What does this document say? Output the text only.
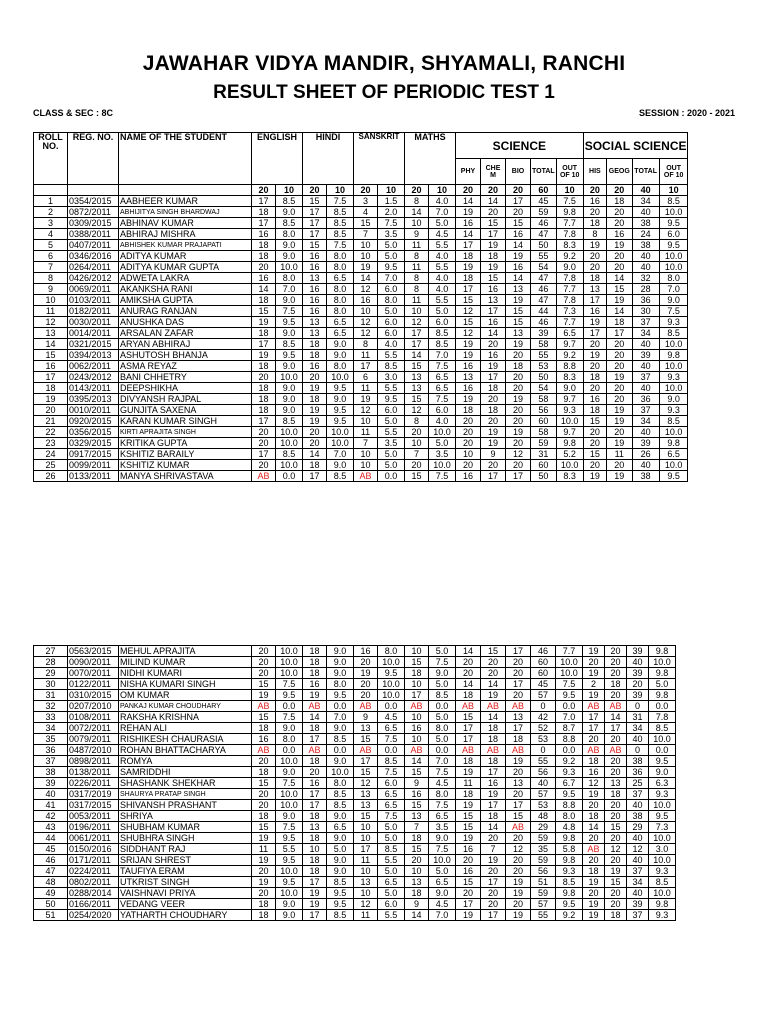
JAWAHAR VIDYA MANDIR, SHYAMALI, RANCHI
RESULT SHEET OF PERIODIC TEST 1
CLASS & SEC : 8C	SESSION : 2020 - 2021
ROLL NO.	REG. NO.	NAME OF THE STUDENT	ENGLISH		HINDI		SANSKRIT		MATHS		SCIENCE					SOCIAL SCIENCE			
											PHY	CHE M	BIO	TOTAL	OUT OF 10	HIS	GEOG	TOTAL	OUT OF 10
			20	10	20	10	20	10	20	10	20	20	20	60	10	20	20	40	10
1	0354/2015	AABHEER KUMAR	17	8.5	15	7.5	3	1.5	8	4.0	14	14	17	45	7.5	16	18	34	8.5
2	0872/2011	ABHIJITYA SINGH BHARDWAJ	18	9.0	17	8.5	4	2.0	14	7.0	19	20	20	59	9.8	20	20	40	10.0
3	0309/2015	ABHINAV KUMAR	17	8.5	17	8.5	15	7.5	10	5.0	16	15	15	46	7.7	18	20	38	9.5
4	0388/2011	ABHIRAJ MISHRA	16	8.0	17	8.5	7	3.5	9	4.5	14	17	16	47	7.8	8	16	24	6.0
5	0407/2011	ABHISHEK KUMAR PRAJAPATI	18	9.0	15	7.5	10	5.0	11	5.5	17	19	14	50	8.3	19	19	38	9.5
6	0346/2016	ADITYA KUMAR	18	9.0	16	8.0	10	5.0	8	4.0	18	18	19	55	9.2	20	20	40	10.0
7	0264/2011	ADITYA KUMAR GUPTA	20	10.0	16	8.0	19	9.5	11	5.5	19	19	16	54	9.0	20	20	40	10.0
8	0426/2012	ADWETA LAKRA	16	8.0	13	6.5	14	7.0	8	4.0	18	15	14	47	7.8	18	14	32	8.0
9	0069/2011	AKANKSHA RANI	14	7.0	16	8.0	12	6.0	8	4.0	17	16	13	46	7.7	13	15	28	7.0
10	0103/2011	AMIKSHA GUPTA	18	9.0	16	8.0	16	8.0	11	5.5	15	13	19	47	7.8	17	19	36	9.0
11	0182/2011	ANURAG RANJAN	15	7.5	16	8.0	10	5.0	10	5.0	12	17	15	44	7.3	16	14	30	7.5
12	0030/2011	ANUSHKA DAS	19	9.5	13	6.5	12	6.0	12	6.0	15	16	15	46	7.7	19	18	37	9.3
13	0014/2011	ARSALAN ZAFAR	18	9.0	13	6.5	12	6.0	17	8.5	12	14	13	39	6.5	17	17	34	8.5
14	0321/2015	ARYAN ABHIRAJ	17	8.5	18	9.0	8	4.0	17	8.5	19	20	19	58	9.7	20	20	40	10.0
15	0394/2013	ASHUTOSH BHANJA	19	9.5	18	9.0	11	5.5	14	7.0	19	16	20	55	9.2	19	20	39	9.8
16	0062/2011	ASMA REYAZ	18	9.0	16	8.0	17	8.5	15	7.5	16	19	18	53	8.8	20	20	40	10.0
17	0243/2012	BANI CHHETRY	20	10.0	20	10.0	6	3.0	13	6.5	13	17	20	50	8.3	18	19	37	9.3
18	0143/2011	DEEPSHIKHA	18	9.0	19	9.5	11	5.5	13	6.5	16	18	20	54	9.0	20	20	40	10.0
19	0395/2013	DIVYANSH RAJPAL	18	9.0	18	9.0	19	9.5	15	7.5	19	20	19	58	9.7	16	20	36	9.0
20	0010/2011	GUNJITA SAXENA	18	9.0	19	9.5	12	6.0	12	6.0	18	18	20	56	9.3	18	19	37	9.3
21	0920/2015	KARAN KUMAR SINGH	17	8.5	19	9.5	10	5.0	8	4.0	20	20	20	60	10.0	15	19	34	8.5
22	0356/2015	KIRTI APRAJITA SINGH	20	10.0	20	10.0	11	5.5	20	10.0	20	19	19	58	9.7	20	20	40	10.0
23	0329/2015	KRITIKA GUPTA	20	10.0	20	10.0	7	3.5	10	5.0	20	19	20	59	9.8	20	19	39	9.8
24	0917/2015	KSHITIZ BARAILY	17	8.5	14	7.0	10	5.0	7	3.5	10	9	12	31	5.2	15	11	26	6.5
25	0099/2011	KSHITIZ KUMAR	20	10.0	18	9.0	10	5.0	20	10.0	20	20	20	60	10.0	20	20	40	10.0
26	0133/2011	MANYA SHRIVASTAVA	AB	0.0	17	8.5	AB	0.0	15	7.5	16	17	17	50	8.3	19	19	38	9.5
27	0563/2015	MEHUL APRAJITA	20	10.0	18	9.0	16	8.0	10	5.0	14	15	17	46	7.7	19	20	39	9.8
28	0090/2011	MILIND KUMAR	20	10.0	18	9.0	20	10.0	15	7.5	20	20	20	60	10.0	20	20	40	10.0
29	0070/2011	NIDHI KUMARI	20	10.0	18	9.0	19	9.5	18	9.0	20	20	20	60	10.0	19	20	39	9.8
30	0122/2011	NISHA KUMARI SINGH	15	7.5	16	8.0	20	10.0	10	5.0	14	14	17	45	7.5	2	18	20	5.0
31	0310/2015	OM KUMAR	19	9.5	19	9.5	20	10.0	17	8.5	18	19	20	57	9.5	19	20	39	9.8
32	0207/2010	PANKAJ KUMAR CHOUDHARY	AB	0.0	AB	0.0	AB	0.0	AB	0.0	AB	AB	AB	0	0.0	AB	AB	0	0.0
33	0108/2011	RAKSHA KRISHNA	15	7.5	14	7.0	9	4.5	10	5.0	15	14	13	42	7.0	17	14	31	7.8
34	0072/2011	REHAN ALI	18	9.0	18	9.0	13	6.5	16	8.0	17	18	17	52	8.7	17	17	34	8.5
35	0079/2011	RISHIKESH CHAURASIA	16	8.0	17	8.5	15	7.5	10	5.0	17	18	18	53	8.8	20	20	40	10.0
36	0487/2010	ROHAN BHATTACHARYA	AB	0.0	AB	0.0	AB	0.0	AB	0.0	AB	AB	AB	0	0.0	AB	AB	0	0.0
37	0898/2011	ROMYA	20	10.0	18	9.0	17	8.5	14	7.0	18	18	19	55	9.2	18	20	38	9.5
38	0138/2011	SAMRIDDHI	18	9.0	20	10.0	15	7.5	15	7.5	19	17	20	56	9.3	16	20	36	9.0
39	0226/2011	SHASHANK SHEKHAR	15	7.5	16	8.0	12	6.0	9	4.5	11	16	13	40	6.7	12	13	25	6.3
40	0317/2019	SHAURYA PRATAP SINGH	20	10.0	17	8.5	13	6.5	16	8.0	18	19	20	57	9.5	19	18	37	9.3
41	0317/2015	SHIVANSH PRASHANT	20	10.0	17	8.5	13	6.5	15	7.5	19	17	17	53	8.8	20	20	40	10.0
42	0053/2011	SHRIYA	18	9.0	18	9.0	15	7.5	13	6.5	15	18	15	48	8.0	18	20	38	9.5
43	0196/2011	SHUBHAM KUMAR	15	7.5	13	6.5	10	5.0	7	3.5	15	14	AB	29	4.8	14	15	29	7.3
44	0061/2011	SHUBHRA SINGH	19	9.5	18	9.0	10	5.0	18	9.0	19	20	20	59	9.8	20	20	40	10.0
45	0150/2016	SIDDHANT RAJ	11	5.5	10	5.0	17	8.5	15	7.5	16	7	12	35	5.8	AB	12	12	3.0
46	0171/2011	SRIJAN SHREST	19	9.5	18	9.0	11	5.5	20	10.0	20	19	20	59	9.8	20	20	40	10.0
47	0224/2011	TAUFIYA ERAM	20	10.0	18	9.0	10	5.0	10	5.0	16	20	20	56	9.3	18	19	37	9.3
48	0802/2011	UTKRIST SINGH	19	9.5	17	8.5	13	6.5	13	6.5	15	17	19	51	8.5	19	15	34	8.5
49	0288/2014	VAISHNAVI PRIYA	20	10.0	19	9.5	10	5.0	18	9.0	20	20	19	59	9.8	20	20	40	10.0
50	0166/2011	VEDANG VEER	18	9.0	19	9.5	12	6.0	9	4.5	17	20	20	57	9.5	19	20	39	9.8
51	0254/2020	YATHARTH CHOUDHARY	18	9.0	17	8.5	11	5.5	14	7.0	19	17	19	55	9.2	19	18	37	9.3
